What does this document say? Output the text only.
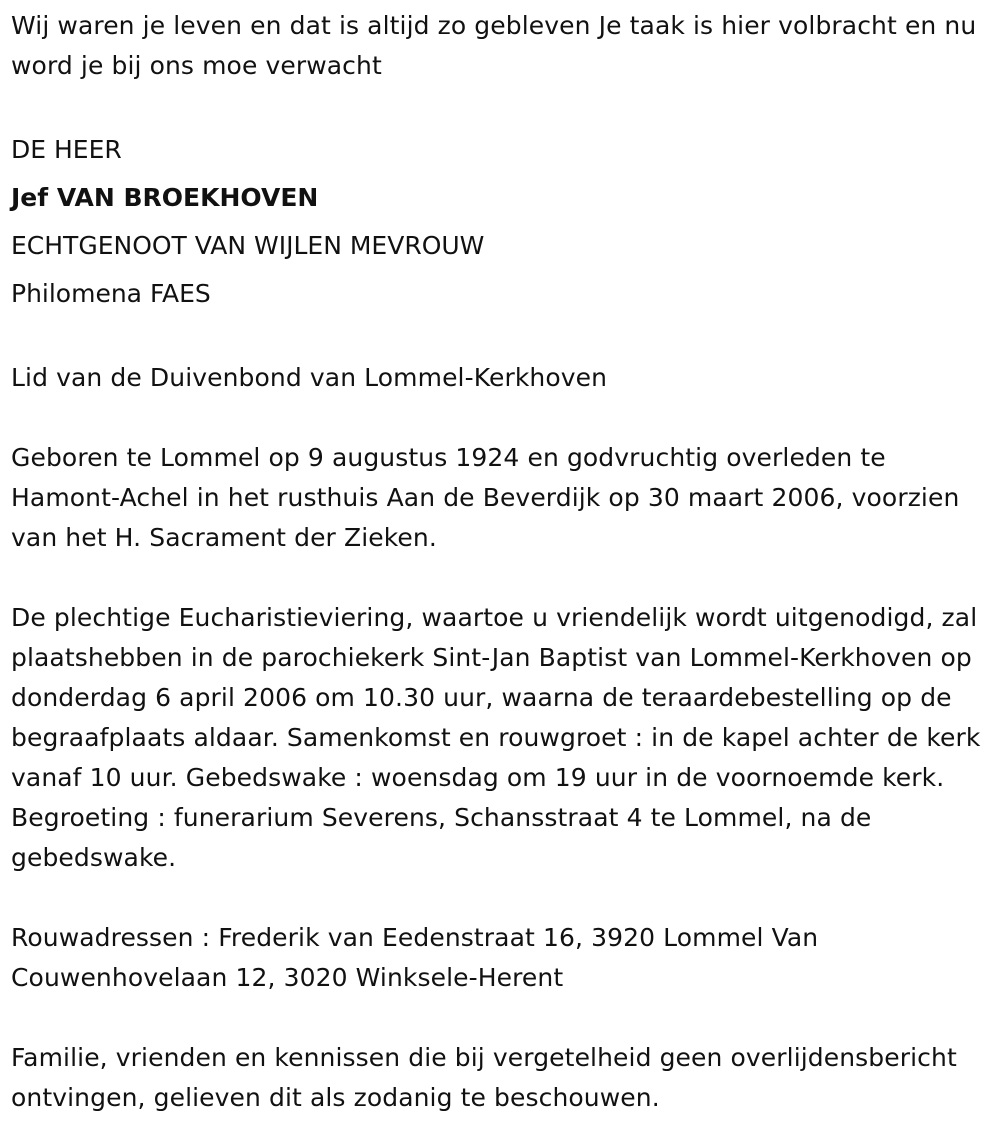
Wij waren je leven en dat is altijd zo gebleven Je taak is hier volbracht en nu word je bij ons moe verwacht

DE HEER

Jef VAN BROEKHOVEN

ECHTGENOOT VAN WIJLEN MEVROUW

Philomena FAES

Lid van de Duivenbond van Lommel-Kerkhoven

Geboren te Lommel op 9 augustus 1924 en godvruchtig overleden te Hamont-Achel in het rusthuis Aan de Beverdijk op 30 maart 2006, voorzien van het H. Sacrament der Zieken.

De plechtige Eucharistieviering, waartoe u vriendelijk wordt uitgenodigd, zal plaatshebben in de parochiekerk Sint-Jan Baptist van Lommel-Kerkhoven op donderdag 6 april 2006 om 10.30 uur, waarna de teraardebestelling op de begraafplaats aldaar. Samenkomst en rouwgroet : in de kapel achter de kerk vanaf 10 uur. Gebedswake : woensdag om 19 uur in de voornoemde kerk. Begroeting : funerarium Severens, Schansstraat 4 te Lommel, na de gebedswake.

Rouwadressen : Frederik van Eedenstraat 16, 3920 Lommel Van Couwenhovelaan 12, 3020 Winksele-Herent

Familie, vrienden en kennissen die bij vergetelheid geen overlijdensbericht ontvingen, gelieven dit als zodanig te beschouwen.
